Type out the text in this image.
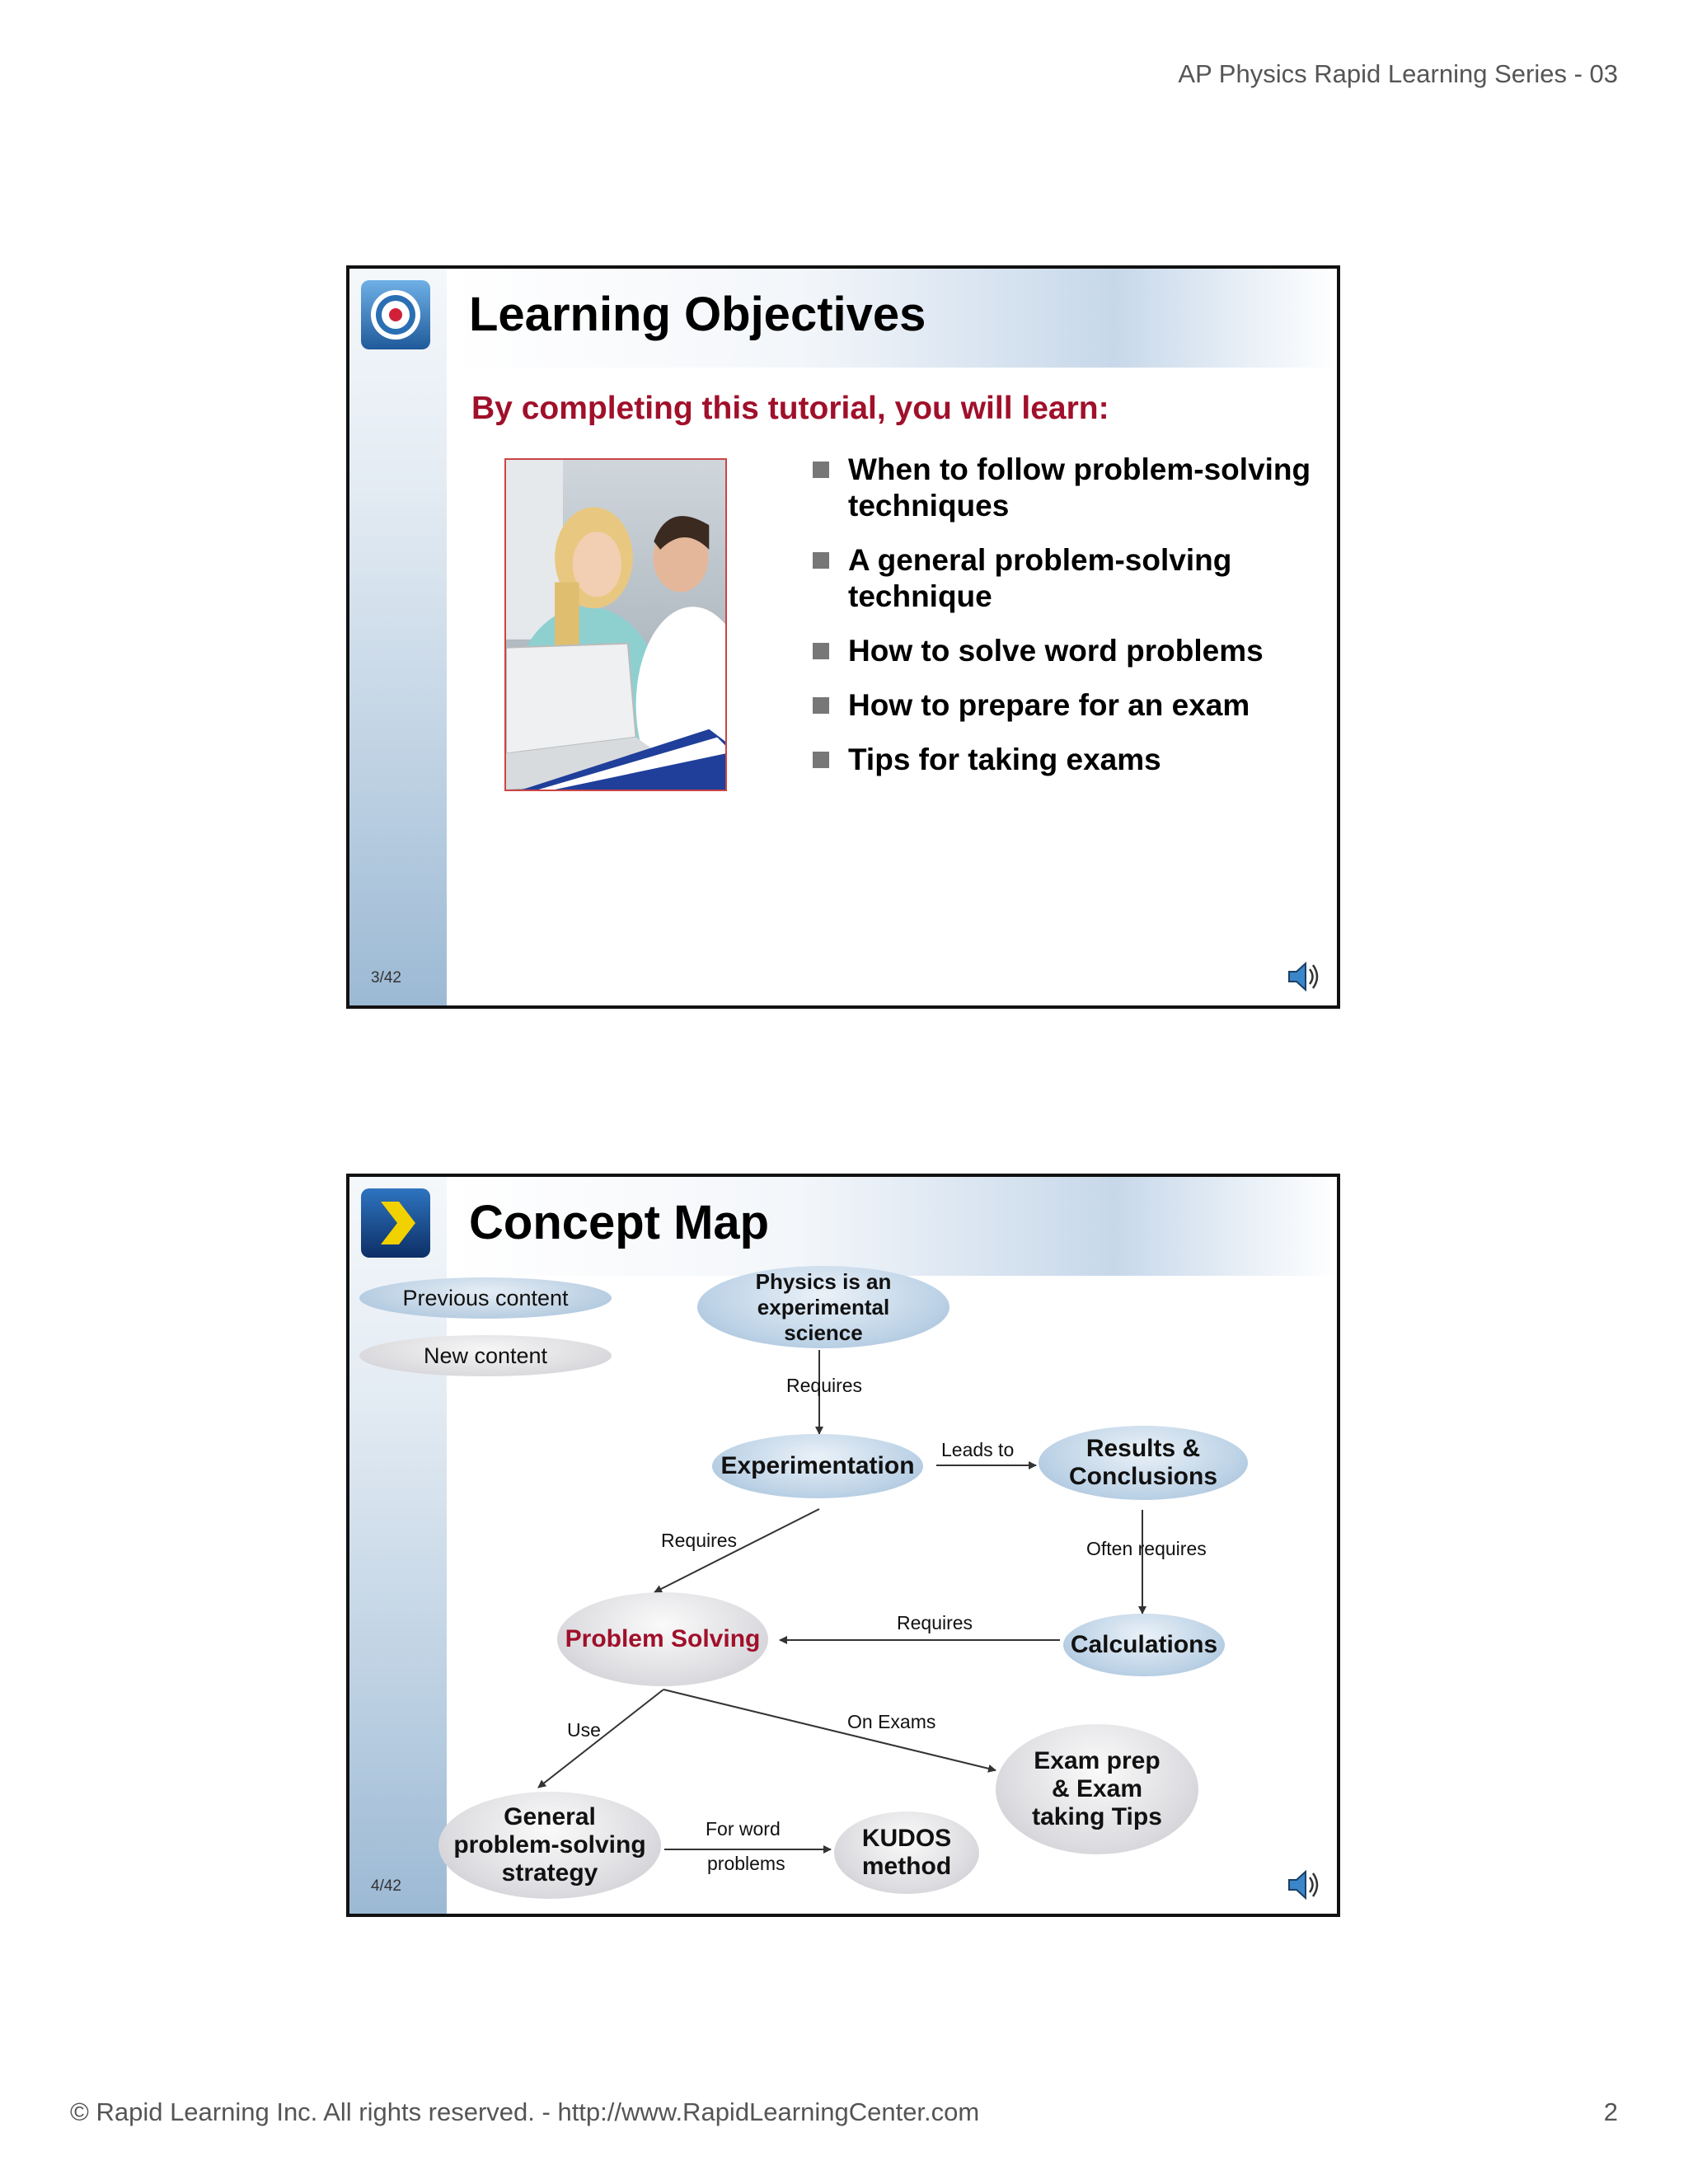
AP Physics Rapid Learning Series - 03
Learning Objectives
By completing this tutorial, you will learn:
When to follow problem-solving techniques
A general problem-solving technique
How to solve word problems
How to prepare for an exam
Tips for taking exams
3/42
Concept Map
Previous content
New content
Physics is an experimental science
Experimentation
Results & Conclusions
Problem Solving	Calculations
General problem-solving strategy
KUDOS method
Exam prep & Exam taking Tips
Requires
Leads to
Requires	Often requires
Requires
Use	On Exams
For word
problems
4/42
© Rapid Learning Inc. All rights reserved. - http://www.RapidLearningCenter.com	2
